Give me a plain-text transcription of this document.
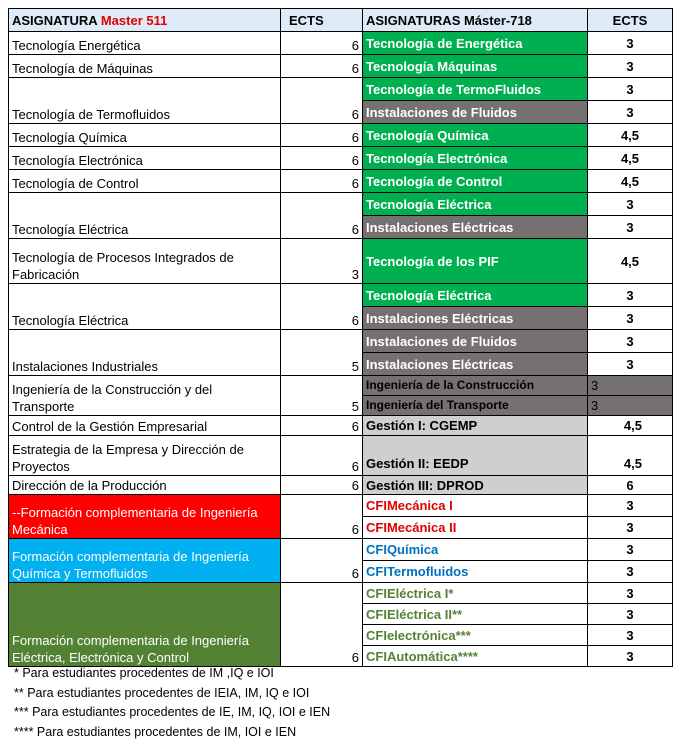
ASIGNATURA Master 511	ECTS	ASIGNATURAS Máster-718	ECTS
Tecnología Energética	6	Tecnología de Energética	3
Tecnología de Máquinas	6	Tecnología Máquinas	3
Tecnología de Termofluidos	6	Tecnología de TermoFluidos	3
		Instalaciones de Fluidos	3
Tecnología Química	6	Tecnología Química	4,5
Tecnología Electrónica	6	Tecnología Electrónica	4,5
Tecnología de Control	6	Tecnología de Control	4,5
Tecnología Eléctrica	6	Tecnología Eléctrica	3
		Instalaciones Eléctricas	3
Tecnología de Procesos Integrados de Fabricación	3	Tecnología de los PIF	4,5
Tecnología Eléctrica	6	Tecnología Eléctrica	3
		Instalaciones Eléctricas	3
Instalaciones Industriales	5	Instalaciones de Fluidos	3
		Instalaciones Eléctricas	3
Ingeniería de la Construcción y del Transporte	5	Ingeniería de la Construcción	3
		Ingeniería del Transporte	3
Control de la Gestión Empresarial	6	Gestión I: CGEMP	4,5
Estrategia de la Empresa y Dirección de Proyectos	6	Gestión II: EEDP	4,5
Dirección de la Producción	6	Gestión III: DPROD	6
--Formación complementaria de Ingeniería Mecánica	6	CFIMecánica I	3
		CFIMecánica II	3
Formación complementaria de Ingeniería Química y Termofluidos	6	CFIQuímica	3
		CFITermofluidos	3
Formación complementaria de Ingeniería Eléctrica, Electrónica y Control	6	CFIEléctrica I*	3
		CFIEléctrica II**	3
		CFIelectrónica***	3
		CFIAutomática****	3
* Para estudiantes procedentes de IM ,IQ e IOI
** Para estudiantes procedentes de IEIA, IM, IQ e IOI
*** Para estudiantes procedentes de IE, IM, IQ, IOI e IEN
**** Para estudiantes procedentes de IM, IOI e IEN
